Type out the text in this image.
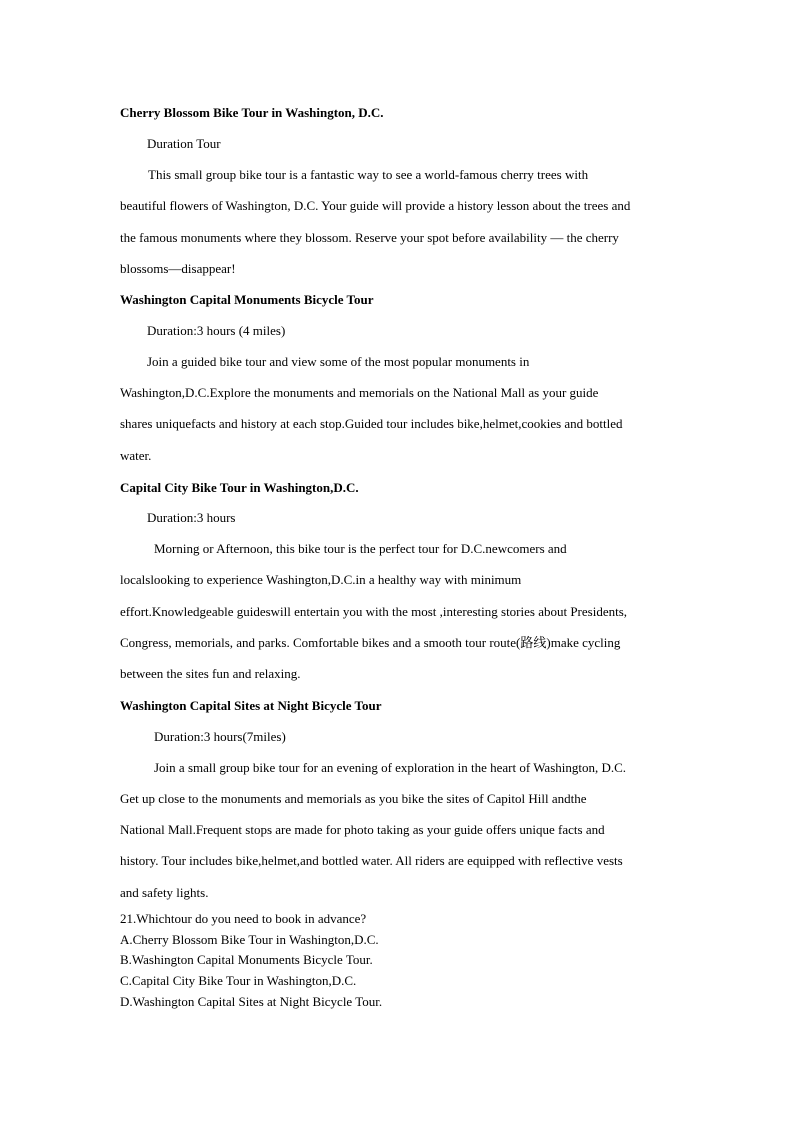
Cherry Blossom Bike Tour in Washington, D.C.
Duration Tour
This small group bike tour is a fantastic way to see a world-famous cherry trees with
beautiful flowers of Washington, D.C. Your guide will provide a history lesson about the trees and
the famous monuments where they blossom. Reserve your spot before availability — the cherry
blossoms—disappear!
Washington Capital Monuments Bicycle Tour
Duration:3 hours (4 miles)
Join a guided bike tour and view some of the most popular monuments in
Washington,D.C.Explore the monuments and memorials on the National Mall as your guide
shares uniquefacts and history at each stop.Guided tour includes bike,helmet,cookies and bottled
water.
Capital City Bike Tour in Washington,D.C.
Duration:3 hours
Morning or Afternoon, this bike tour is the perfect tour for D.C.newcomers and
localslooking to experience Washington,D.C.in a healthy way with minimum
effort.Knowledgeable guideswill entertain you with the most ,interesting stories about Presidents,
Congress, memorials, and parks. Comfortable bikes and a smooth tour route(路线)make cycling
between the sites fun and relaxing.
Washington Capital Sites at Night Bicycle Tour
Duration:3 hours(7miles)
Join a small group bike tour for an evening of exploration in the heart of Washington, D.C.
Get up close to the monuments and memorials as you bike the sites of Capitol Hill andthe
National Mall.Frequent stops are made for photo taking as your guide offers unique facts and
history. Tour includes bike,helmet,and bottled water. All riders are equipped with reflective vests
and safety lights.
21.Whichtour do you need to book in advance?
A.Cherry Blossom Bike Tour in Washington,D.C.
B.Washington Capital Monuments Bicycle Tour.
C.Capital City Bike Tour in Washington,D.C.
D.Washington Capital Sites at Night Bicycle Tour.
